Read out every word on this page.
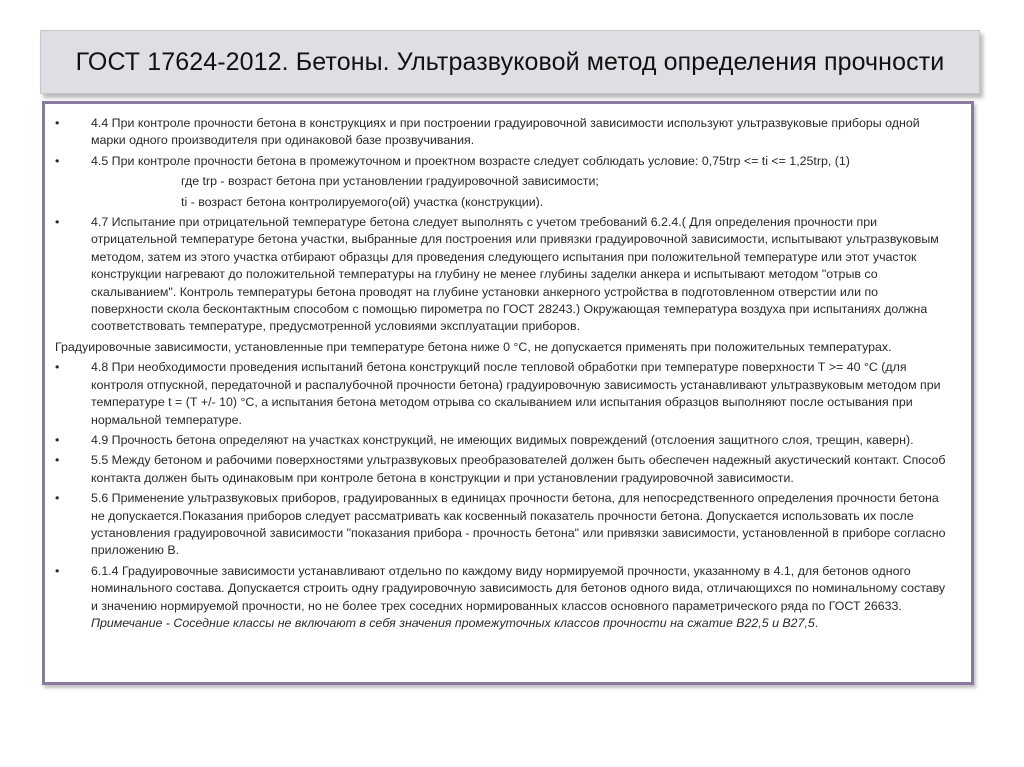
ГОСТ 17624-2012. Бетоны. Ультразвуковой метод определения прочности
•	4.4 При контроле прочности бетона в конструкциях и при построении градуировочной зависимости используют ультразвуковые приборы одной марки одного производителя при одинаковой базе прозвучивания.
•	4.5 При контроле прочности бетона в промежуточном и проектном возрасте следует соблюдать условие: 0,75trp <= ti <= 1,25trp, (1)
где trp - возраст бетона при установлении градуировочной зависимости;
ti - возраст бетона контролируемого(ой) участка (конструкции).
•	4.7 Испытание при отрицательной температуре бетона следует выполнять с учетом требований 6.2.4.( Для определения прочности при отрицательной температуре бетона участки, выбранные для построения или привязки градуировочной зависимости, испытывают ультразвуковым методом, затем из этого участка отбирают образцы для проведения следующего испытания при положительной температуре или этот участок конструкции нагревают до положительной температуры на глубину не менее глубины заделки анкера и испытывают методом "отрыв со скалыванием". Контроль температуры бетона проводят на глубине установки анкерного устройства в подготовленном отверстии или по поверхности скола бесконтактным способом с помощью пирометра по ГОСТ 28243.) Окружающая температура воздуха при испытаниях должна соответствовать температуре, предусмотренной условиями эксплуатации приборов.
Градуировочные зависимости, установленные при температуре бетона ниже 0 °С, не допускается применять при положительных температурах.
•	4.8 При необходимости проведения испытаний бетона конструкций после тепловой обработки при температуре поверхности Т >= 40 °С (для контроля отпускной, передаточной и распалубочной прочности бетона) градуировочную зависимость устанавливают ультразвуковым методом при температуре t = (Т +/- 10) °С, а испытания бетона методом отрыва со скалыванием или испытания образцов выполняют после остывания при нормальной температуре.
•	4.9 Прочность бетона определяют на участках конструкций, не имеющих видимых повреждений (отслоения защитного слоя, трещин, каверн).
•	5.5 Между бетоном и рабочими поверхностями ультразвуковых преобразователей должен быть обеспечен надежный акустический контакт. Способ контакта должен быть одинаковым при контроле бетона в конструкции и при установлении градуировочной зависимости.
•	5.6 Применение ультразвуковых приборов, градуированных в единицах прочности бетона, для непосредственного определения прочности бетона не допускается.Показания приборов следует рассматривать как косвенный показатель прочности бетона. Допускается использовать их после установления градуировочной зависимости "показания прибора - прочность бетона" или привязки зависимости, установленной в приборе согласно приложению В.
•	6.1.4 Градуировочные зависимости устанавливают отдельно по каждому виду нормируемой прочности, указанному в 4.1, для бетонов одного номинального состава. Допускается строить одну градуировочную зависимость для бетонов одного вида, отличающихся по номинальному составу и значению нормируемой прочности, но не более трех соседних нормированных классов основного параметрического ряда по ГОСТ 26633. Примечание - Соседние классы не включают в себя значения промежуточных классов прочности на сжатие В22,5 и В27,5.
